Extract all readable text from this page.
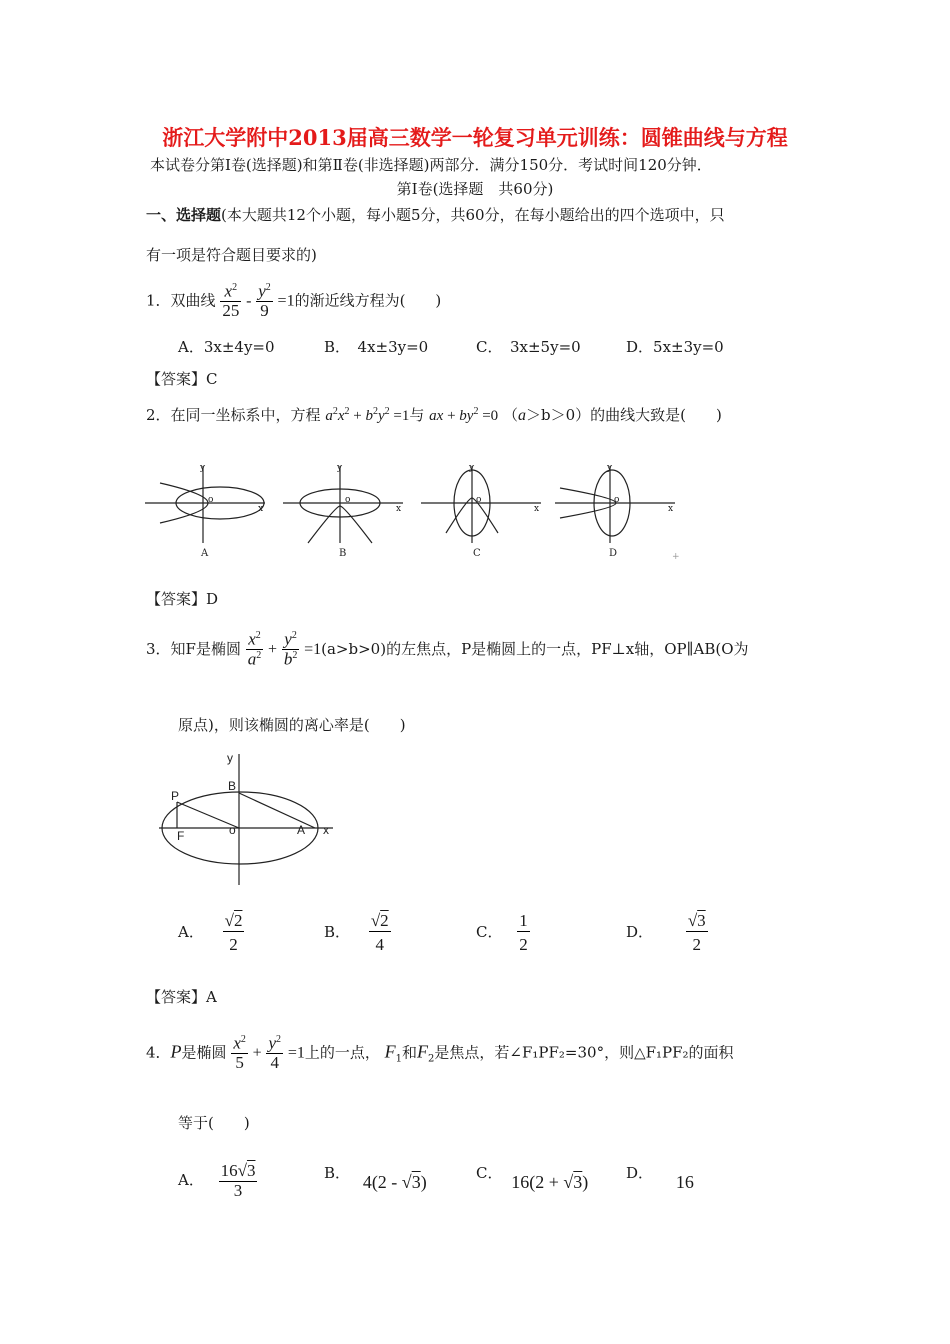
浙江大学附中2013届高三数学一轮复习单元训练：圆锥曲线与方程
本试卷分第Ⅰ卷(选择题)和第Ⅱ卷(非选择题)两部分．满分150分．考试时间120分钟．
第Ⅰ卷(选择题　共60分)
一、选择题(本大题共12个小题，每小题5分，共60分，在每小题给出的四个选项中，只
有一项是符合题目要求的)
1．双曲线 $\frac{x^2}{25} - \frac{y^2}{9} =1$的渐近线方程为(　　)
A．3x±4y=0	B．　4x±3y=0	C．　3x±5y=0	D．5x±3y=0
【答案】C
2．在同一坐标系中，方程 $a^2x^2 + b^2y^2 =1$与 ax + $by^2 =0$ （a＞b＞0）的曲线大致是(　　)
y
x
o
y
x
o
y
x
o
y
x
o
A	B	C	D	+
【答案】D
3．知F是椭圆 $\frac{x^2}{a^2} + \frac{y^2}{b^2} =1(a>b>0)$的左焦点，P是椭圆上的一点，PF⊥x轴，OP∥AB(O为
原点)，则该椭圆的离心率是(　　)
y
x
P
B
F	o	A
A． $\frac{√2}{2}$	B． $\frac{√2}{4}$	C． $\frac{1}{2}$	D． $\frac{√3}{2}$
【答案】A
4．P是椭圆 $\frac{x^2}{5} + \frac{y^2}{4} =1$上的一点， $F_1$和$F_2$是焦点，若∠F₁PF₂=30°，则△F₁PF₂的面积
等于(　　)
A． $\frac{16√3}{3}$	B． 4(2 - √3)	C． 16(2 + √3)	D． 16
